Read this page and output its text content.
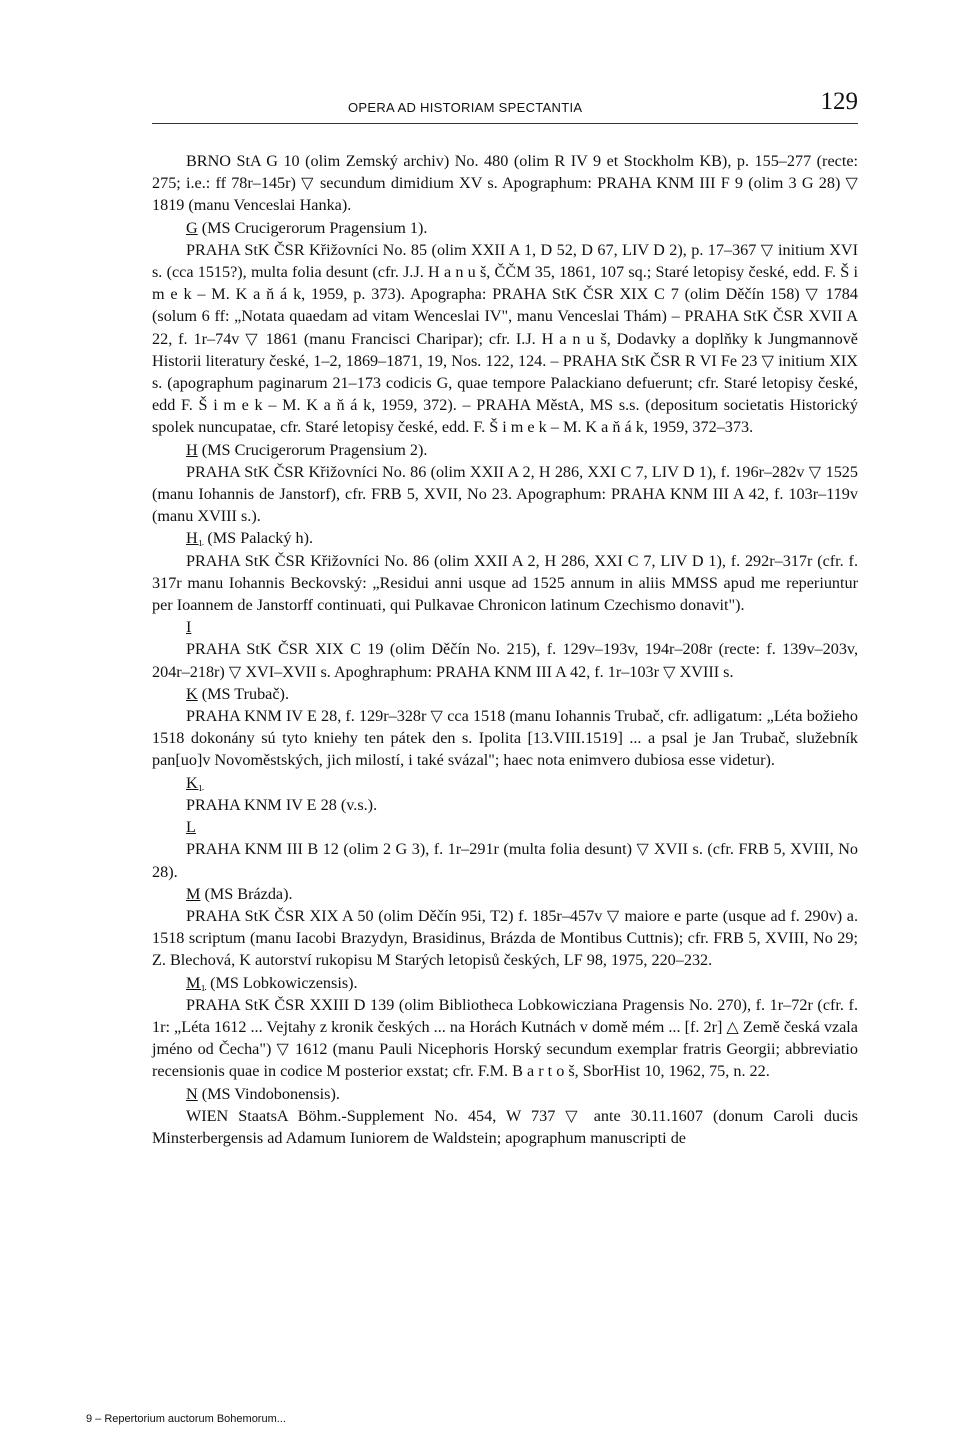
OPERA AD HISTORIAM SPECTANTIA	129

BRNO StA G 10 (olim Zemský archiv) No. 480 (olim R IV 9 et Stockholm KB), p. 155–277 (recte: 275; i.e.: ff 78r–145r) ▽ secundum dimidium XV s. Apographum: PRAHA KNM III F 9 (olim 3 G 28) ▽ 1819 (manu Venceslai Hanka).

G (MS Crucigerorum Pragensium 1).

PRAHA StK ČSR Křižovníci No. 85 (olim XXII A 1, D 52, D 67, LIV D 2), p. 17–367 ▽ initium XVI s. (cca 1515?), multa folia desunt (cfr. J.J. H a n u š, ČČM 35, 1861, 107 sq.; Staré letopisy české, edd. F. Š i m e k – M. K a ň á k, 1959, p. 373). Apographa: PRAHA StK ČSR XIX C 7 (olim Děčín 158) ▽ 1784 (solum 6 ff: „Notata quaedam ad vitam Wenceslai IV", manu Venceslai Thám) – PRAHA StK ČSR XVII A 22, f. 1r–74v ▽ 1861 (manu Francisci Charipar); cfr. I.J. H a n u š, Dodavky a doplňky k Jungmannově Historii literatury české, 1–2, 1869–1871, 19, Nos. 122, 124. – PRAHA StK ČSR R VI Fe 23 ▽ initium XIX s. (apographum paginarum 21–173 codicis G, quae tempore Palackiano defuerunt; cfr. Staré letopisy české, edd F. Š i m e k – M. K a ň á k, 1959, 372). – PRAHA MěstA, MS s.s. (depositum societatis Historický spolek nuncupatae, cfr. Staré letopisy české, edd. F. Š i m e k – M. K a ň á k, 1959, 372–373.

H (MS Crucigerorum Pragensium 2).

PRAHA StK ČSR Křižovníci No. 86 (olim XXII A 2, H 286, XXI C 7, LIV D 1), f. 196r–282v ▽ 1525 (manu Iohannis de Janstorf), cfr. FRB 5, XVII, No 23. Apographum: PRAHA KNM III A 42, f. 103r–119v (manu XVIII s.).

H₁ (MS Palacký h).

PRAHA StK ČSR Křižovníci No. 86 (olim XXII A 2, H 286, XXI C 7, LIV D 1), f. 292r–317r (cfr. f. 317r manu Iohannis Beckovský: „Residui anni usque ad 1525 annum in aliis MMSS apud me reperiuntur per Ioannem de Janstorff continuati, qui Pulkavae Chronicon latinum Czechismo donavit").

I

PRAHA StK ČSR XIX C 19 (olim Děčín No. 215), f. 129v–193v, 194r–208r (recte: f. 139v–203v, 204r–218r) ▽ XVI–XVII s. Apoghraphum: PRAHA KNM III A 42, f. 1r–103r ▽ XVIII s.

K (MS Trubač).

PRAHA KNM IV E 28, f. 129r–328r ▽ cca 1518 (manu Iohannis Trubač, cfr. adligatum: „Léta božieho 1518 dokonány sú tyto kniehy ten pátek den s. Ipolita [13.VIII.1519] ... a psal je Jan Trubač, služebník pan[uo]v Novoměstských, jich milostí, i také svázal"; haec nota enimvero dubiosa esse videtur).

K₁

PRAHA KNM IV E 28 (v.s.).

L

PRAHA KNM III B 12 (olim 2 G 3), f. 1r–291r (multa folia desunt) ▽ XVII s. (cfr. FRB 5, XVIII, No 28).

M (MS Brázda).

PRAHA StK ČSR XIX A 50 (olim Děčín 95i, T2) f. 185r–457v ▽ maiore e parte (usque ad f. 290v) a. 1518 scriptum (manu Iacobi Brazydyn, Brasidinus, Brázda de Montibus Cuttnis); cfr. FRB 5, XVIII, No 29; Z. Blechová, K autorství rukopisu M Starých letopisů českých, LF 98, 1975, 220–232.

M₁ (MS Lobkowiczensis).

PRAHA StK ČSR XXIII D 139 (olim Bibliotheca Lobkowicziana Pragensis No. 270), f. 1r–72r (cfr. f. 1r: „Léta 1612 ... Vejtahy z kronik českých ... na Horách Kutnách v domě mém ... [f. 2r] △ Země česká vzala jméno od Čecha") ▽ 1612 (manu Pauli Nicephoris Horský secundum exemplar fratris Georgii; abbreviatio recensionis quae in codice M posterior exstat; cfr. F.M. B a r t o š, SborHist 10, 1962, 75, n. 22.

N (MS Vindobonensis).

WIEN StaatsA Böhm.-Supplement No. 454, W 737 ▽ ante 30.11.1607 (donum Caroli ducis Minsterbergensis ad Adamum Iuniorem de Waldstein; apographum manuscripti de

9 – Repertorium auctorum Bohemorum...
